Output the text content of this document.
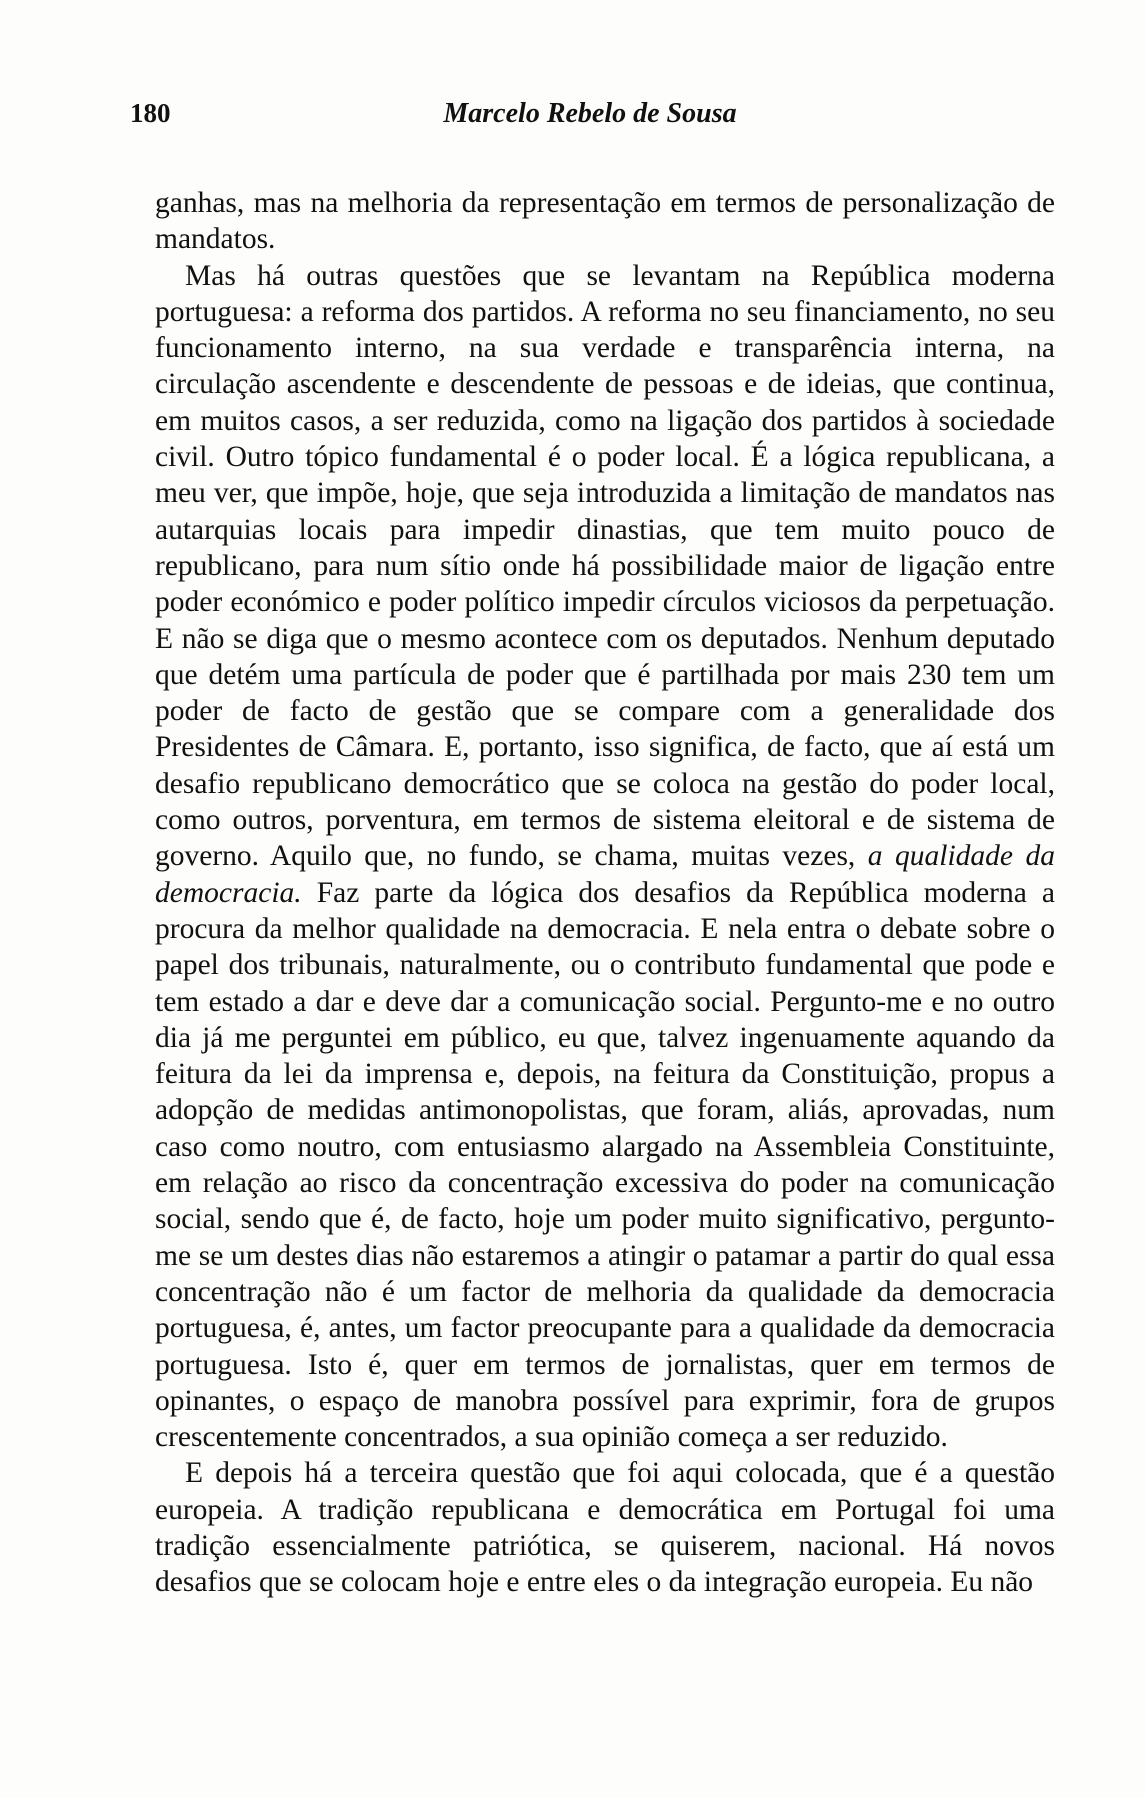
180	Marcelo Rebelo de Sousa

ganhas, mas na melhoria da representação em termos de personalização de mandatos.

Mas há outras questões que se levantam na República moderna portuguesa: a reforma dos partidos. A reforma no seu financiamento, no seu funcionamento interno, na sua verdade e transparência interna, na circulação ascendente e descendente de pessoas e de ideias, que continua, em muitos casos, a ser reduzida, como na ligação dos partidos à sociedade civil. Outro tópico fundamental é o poder local. É a lógica republicana, a meu ver, que impõe, hoje, que seja introduzida a limitação de mandatos nas autarquias locais para impedir dinastias, que tem muito pouco de republicano, para num sítio onde há possibilidade maior de ligação entre poder económico e poder político impedir círculos viciosos da perpetuação. E não se diga que o mesmo acontece com os deputados. Nenhum deputado que detém uma partícula de poder que é partilhada por mais 230 tem um poder de facto de gestão que se compare com a generalidade dos Presidentes de Câmara. E, portanto, isso significa, de facto, que aí está um desafio republicano democrático que se coloca na gestão do poder local, como outros, porventura, em termos de sistema eleitoral e de sistema de governo. Aquilo que, no fundo, se chama, muitas vezes, a qualidade da democracia. Faz parte da lógica dos desafios da República moderna a procura da melhor qualidade na democracia. E nela entra o debate sobre o papel dos tribunais, naturalmente, ou o contributo fundamental que pode e tem estado a dar e deve dar a comunicação social. Pergunto-me e no outro dia já me perguntei em público, eu que, talvez ingenuamente aquando da feitura da lei da imprensa e, depois, na feitura da Constituição, propus a adopção de medidas antimonopolistas, que foram, aliás, aprovadas, num caso como noutro, com entusiasmo alargado na Assembleia Constituinte, em relação ao risco da concentração excessiva do poder na comunicação social, sendo que é, de facto, hoje um poder muito significativo, pergunto-me se um destes dias não estaremos a atingir o patamar a partir do qual essa concentração não é um factor de melhoria da qualidade da democracia portuguesa, é, antes, um factor preocupante para a qualidade da democracia portuguesa. Isto é, quer em termos de jornalistas, quer em termos de opinantes, o espaço de manobra possível para exprimir, fora de grupos crescentemente concentrados, a sua opinião começa a ser reduzido.

E depois há a terceira questão que foi aqui colocada, que é a questão europeia. A tradição republicana e democrática em Portugal foi uma tradição essencialmente patriótica, se quiserem, nacional. Há novos desafios que se colocam hoje e entre eles o da integração europeia. Eu não
